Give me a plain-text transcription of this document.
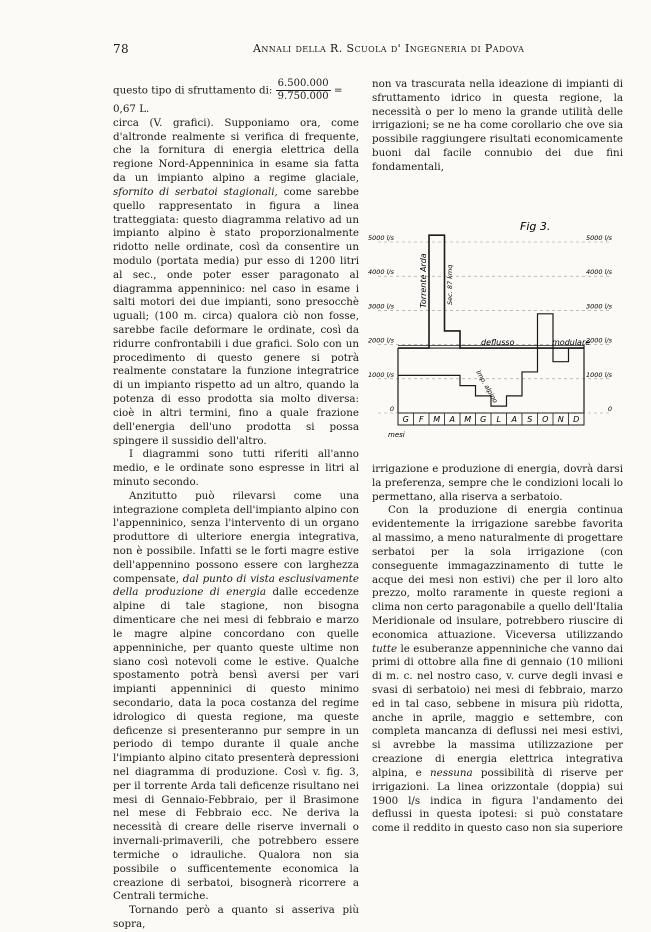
78	Annali della R. Scuola d' Ingegneria di Padova

questo tipo di sfruttamento di: $\frac{6.500.000}{9.750.000} = 0,67$ L.

circa (V. grafici). Supponiamo ora, come d'altronde realmente si verifica di frequente, che la fornitura di energia elettrica della regione Nord-Appenninica in esame sia fatta da un impianto alpino a regime glaciale, sfornito di serbatoi stagionali, come sarebbe quello rappresentato in figura a linea tratteggiata: questo diagramma relativo ad un impianto alpino è stato proporzionalmente ridotto nelle ordinate, così da consentire un modulo (portata media) pur esso di 1200 litri al sec., onde poter esser paragonato al diagramma appenninico: nel caso in esame i salti motori dei due impianti, sono presocchè uguali; (100 m. circa) qualora ciò non fosse, sarebbe facile deformare le ordinate, così da ridurre confrontabili i due grafici. Solo con un procedimento di questo genere si potrà realmente constatare la funzione integratrice di un impianto rispetto ad un altro, quando la potenza di esso prodotta sia molto diversa: cioè in altri termini, fino a quale frazione dell'energia dell'uno prodotta si possa spingere il sussidio dell'altro.

I diagrammi sono tutti riferiti all'anno medio, e le ordinate sono espresse in litri al minuto secondo.

Anzitutto può rilevarsi come una integrazione completa dell'impianto alpino con l'appenninico, senza l'intervento di un organo produttore di ulteriore energia integrativa, non è possibile. Infatti se le forti magre estive dell'appennino possono essere con larghezza compensate, dal punto di vista esclusivamente della produzione di energia dalle eccedenze alpine di tale stagione, non bisogna dimenticare che nei mesi di febbraio e marzo le magre alpine concordano con quelle appenniniche, per quanto queste ultime non siano così notevoli come le estive. Qualche spostamento potrà bensì aversi per vari impianti appenninici di questo minimo secondario, data la poca costanza del regime idrologico di questa regione, ma queste deficenze si presenteranno pur sempre in un periodo di tempo durante il quale anche l'impianto alpino citato presenterà depressioni nel diagramma di produzione. Così v. fig. 3, per il torrente Arda tali deficenze risultano nei mesi di Gennaio-Febbraio, per il Brasimone nel mese di Febbraio ecc. Ne deriva la necessità di creare delle riserve invernali o invernali-primaverili, che potrebbero essere termiche o idrauliche. Qualora non sia possibile o sufficentemente economica la creazione di serbatoi, bisognerà ricorrere a Centrali termiche.

Tornando però a quanto si asseriva più sopra,

non va trascurata nella ideazione di impianti di sfruttamento idrico in questa regione, la necessità o per lo meno la grande utilità delle irrigazioni; se ne ha come corollario che ove sia possibile raggiungere risultati economicamente buoni dal facile connubio dei due fini fondamentali,

Fig 3.
5000 l/s
4000 l/s
3000 l/s
2000 l/s
1000 l/s
0
5000 l/s
4000 l/s
3000 l/s
2000 l/s
1000 l/s
0
G F M A M G L A S O N D
mesi
Torrente Arda	Sec. 87 kmq
deflusso	modulare
Imp. alpino

irrigazione e produzione di energia, dovrà darsi la preferenza, sempre che le condizioni locali lo permettano, alla riserva a serbatoio.

Con la produzione di energia continua evidentemente la irrigazione sarebbe favorita al massimo, a meno naturalmente di progettare serbatoi per la sola irrigazione (con conseguente immagazzinamento di tutte le acque dei mesi non estivi) che per il loro alto prezzo, molto raramente in queste regioni a clima non certo paragonabile a quello dell'Italia Meridionale od insulare, potrebbero riuscire di economica attuazione. Viceversa utilizzando tutte le esuberanze appenniniche che vanno dai primi di ottobre alla fine di gennaio (10 milioni di m. c. nel nostro caso, v. curve degli invasi e svasi di serbatoio) nei mesi di febbraio, marzo ed in tal caso, sebbene in misura più ridotta, anche in aprile, maggio e settembre, con completa mancanza di deflussi nei mesi estivi, si avrebbe la massima utilizzazione per creazione di energia elettrica integrativa alpina, e nessuna possibilità di riserve per irrigazioni. La linea orizzontale (doppia) sui 1900 l/s indica in figura l'andamento dei deflussi in questa ipotesi: si può constatare come il reddito in questo caso non sia superiore
